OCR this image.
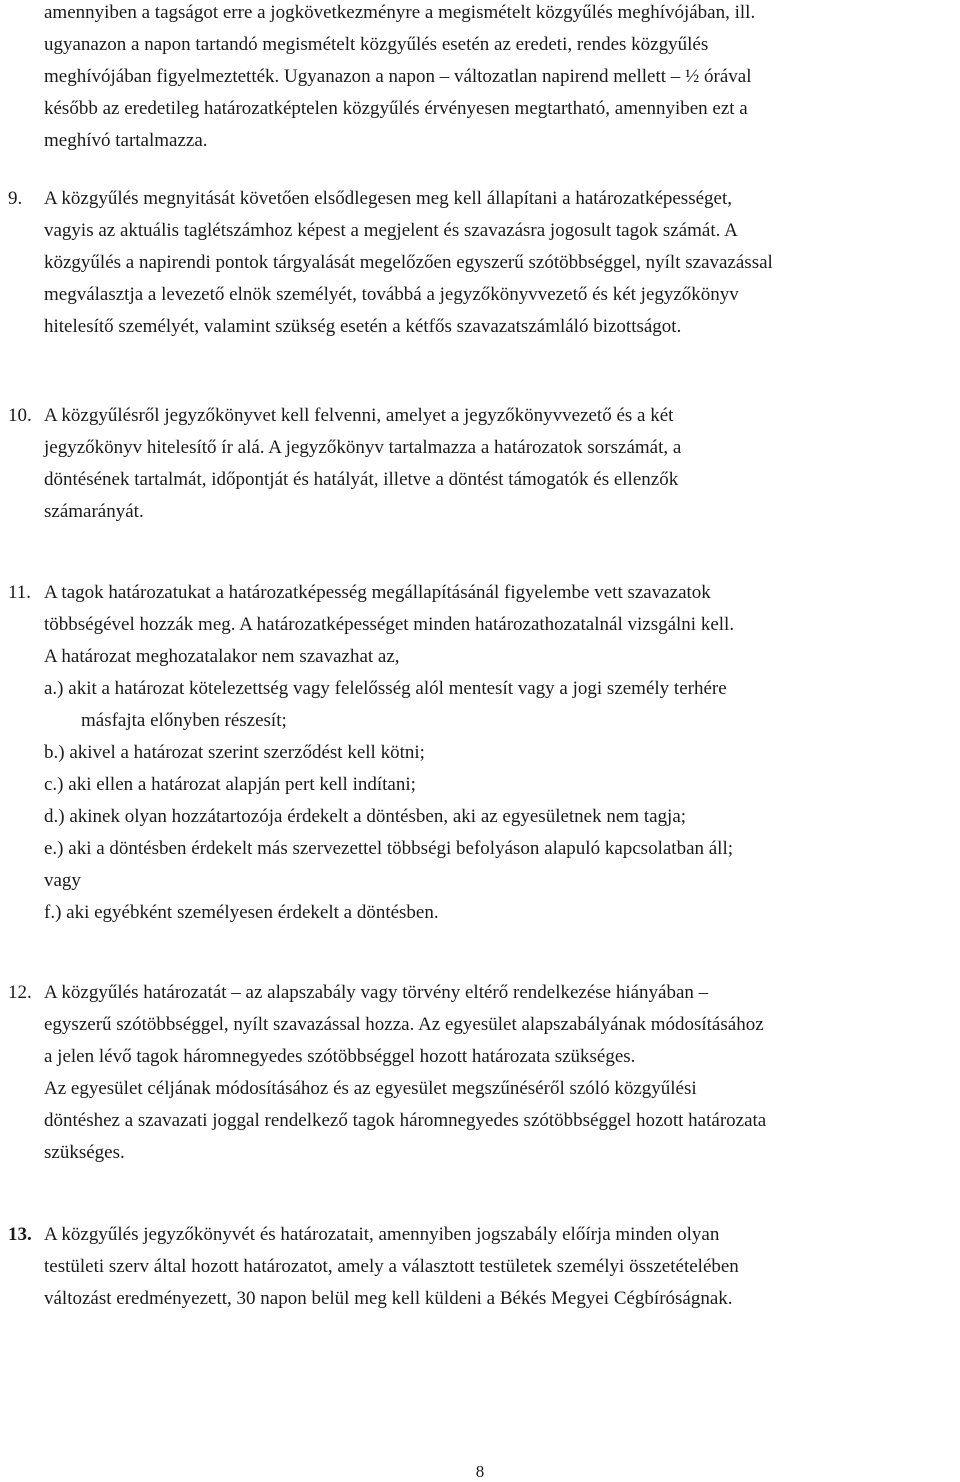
amennyiben a tagságot erre a jogkövetkezményre a megismételt közgyűlés meghívójában, ill.
ugyanazon a napon tartandó megismételt közgyűlés esetén az eredeti, rendes közgyűlés
meghívójában figyelmeztették. Ugyanazon a napon – változatlan napirend mellett – ½ órával
később az eredetileg határozatképtelen közgyűlés érvényesen megtartható, amennyiben ezt a
meghívó tartalmazza.
9.	A közgyűlés megnyitását követően elsődlegesen meg kell állapítani a határozatképességet,
vagyis az aktuális taglétszámhoz képest a megjelent és szavazásra jogosult tagok számát. A
közgyűlés a napirendi pontok tárgyalását megelőzően egyszerű szótöbbséggel, nyílt szavazással
megválasztja a levezető elnök személyét, továbbá a jegyzőkönyvvezető és két jegyzőkönyv
hitelesítő személyét, valamint szükség esetén a kétfős szavazatszámláló bizottságot.
10. A közgyűlésről jegyzőkönyvet kell felvenni, amelyet a jegyzőkönyvvezető és a két
jegyzőkönyv hitelesítő ír alá. A jegyzőkönyv tartalmazza a határozatok sorszámát, a
döntésének tartalmát, időpontját és hatályát, illetve a döntést támogatók és ellenzők
számarányát.
11. A tagok határozatukat a határozatképesség megállapításánál figyelembe vett szavazatok
többségével hozzák meg. A határozatképességet minden határozathozatalnál vizsgálni kell.
A határozat meghozatalakor nem szavazhat az,
a.) akit a határozat kötelezettség vagy felelősség alól mentesít vagy a jogi személy terhére
másfajta előnyben részesít;
b.) akivel a határozat szerint szerződést kell kötni;
c.) aki ellen a határozat alapján pert kell indítani;
d.) akinek olyan hozzátartozója érdekelt a döntésben, aki az egyesületnek nem tagja;
e.) aki a döntésben érdekelt más szervezettel többségi befolyáson alapuló kapcsolatban áll;
vagy
f.) aki egyébként személyesen érdekelt a döntésben.
12. A közgyűlés határozatát – az alapszabály vagy törvény eltérő rendelkezése hiányában –
egyszerű szótöbbséggel, nyílt szavazással hozza. Az egyesület alapszabályának módosításához
a jelen lévő tagok háromnegyedes szótöbbséggel hozott határozata szükséges.
Az egyesület céljának módosításához és az egyesület megszűnéséről szóló közgyűlési
döntéshez a szavazati joggal rendelkező tagok háromnegyedes szótöbbséggel hozott határozata
szükséges.
13. A közgyűlés jegyzőkönyvét és határozatait, amennyiben jogszabály előírja minden olyan
testületi szerv által hozott határozatot, amely a választott testületek személyi összetételében
változást eredményezett, 30 napon belül meg kell küldeni a Békés Megyei Cégbíróságnak.
8
